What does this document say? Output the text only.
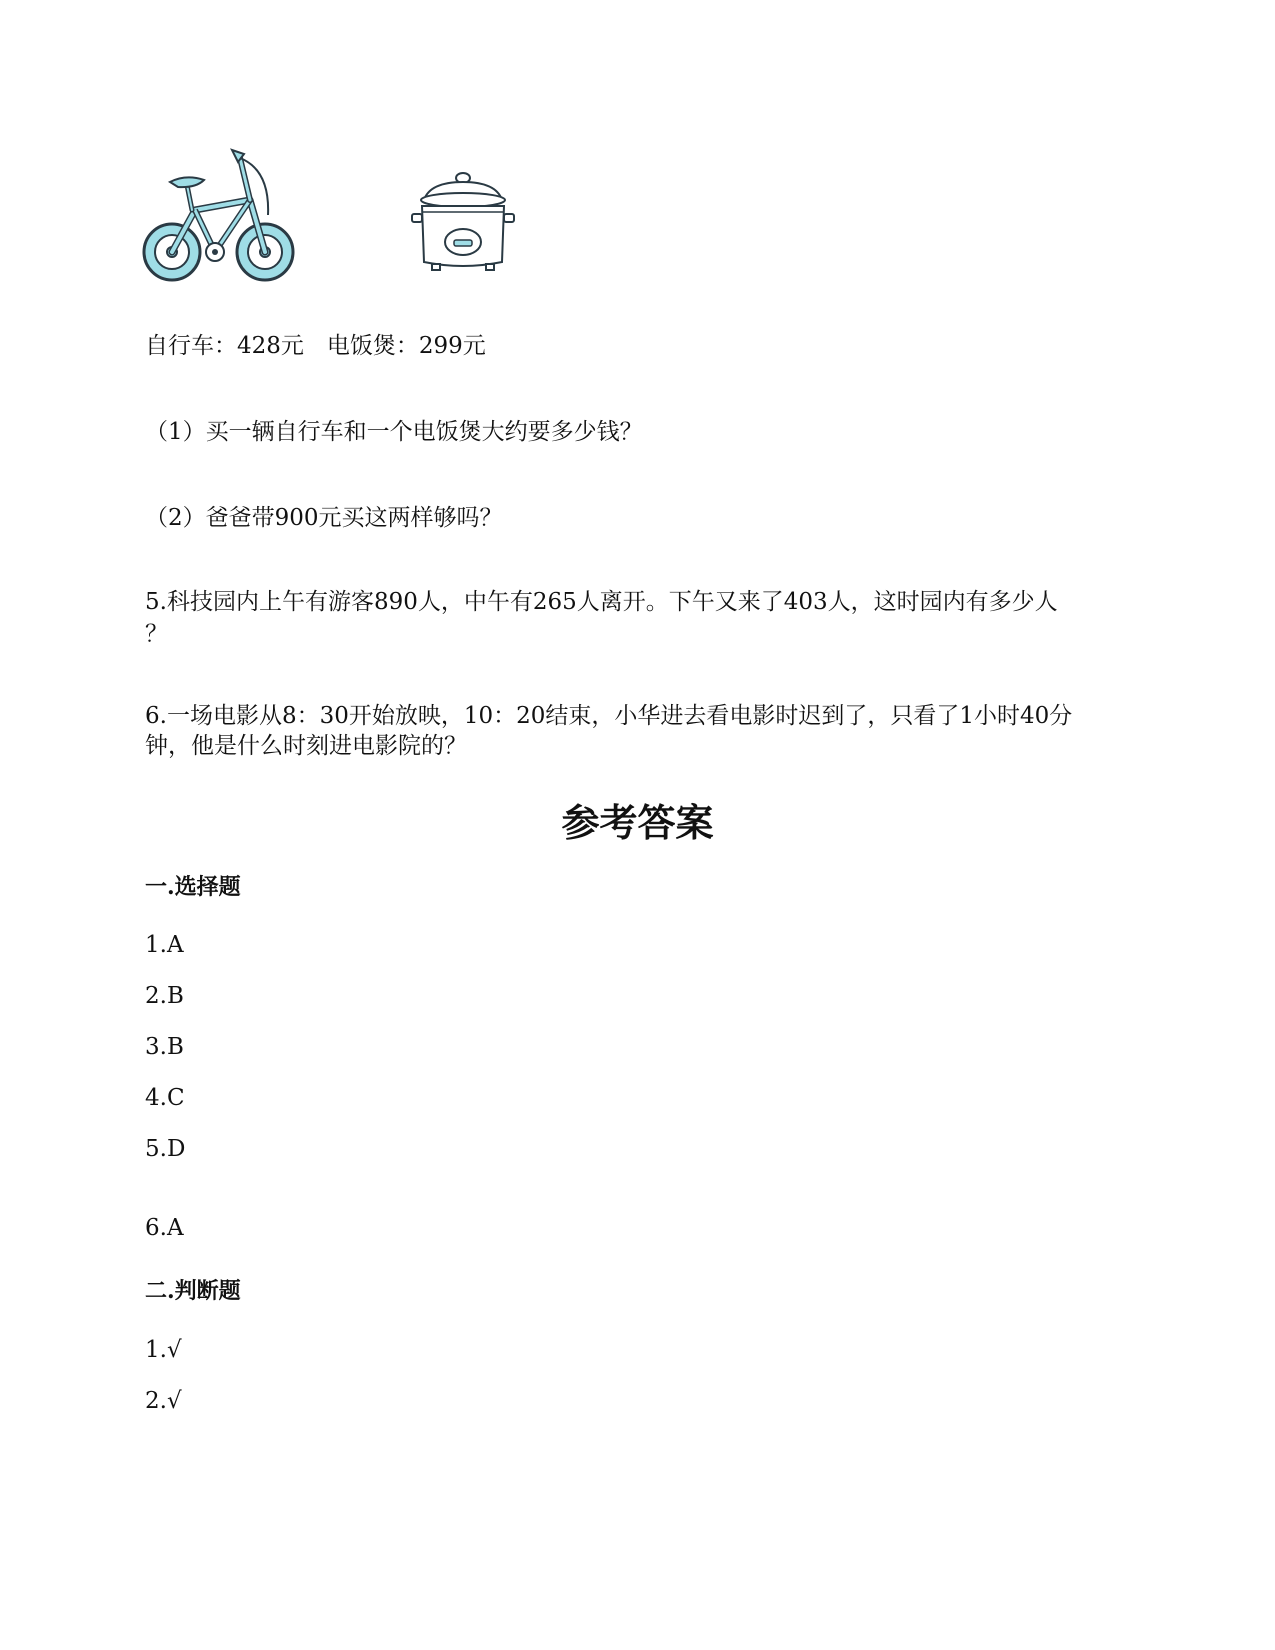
自行车：428元　电饭煲：299元
（1）买一辆自行车和一个电饭煲大约要多少钱？
（2）爸爸带900元买这两样够吗？
5.科技园内上午有游客890人，中午有265人离开。下午又来了403人，这时园内有多少人
？
6.一场电影从8：30开始放映，10：20结束，小华进去看电影时迟到了，只看了1小时40分
钟，他是什么时刻进电影院的？
参考答案
一.选择题
1.A
2.B
3.B
4.C
5.D
6.A
二.判断题
1.√
2.√
